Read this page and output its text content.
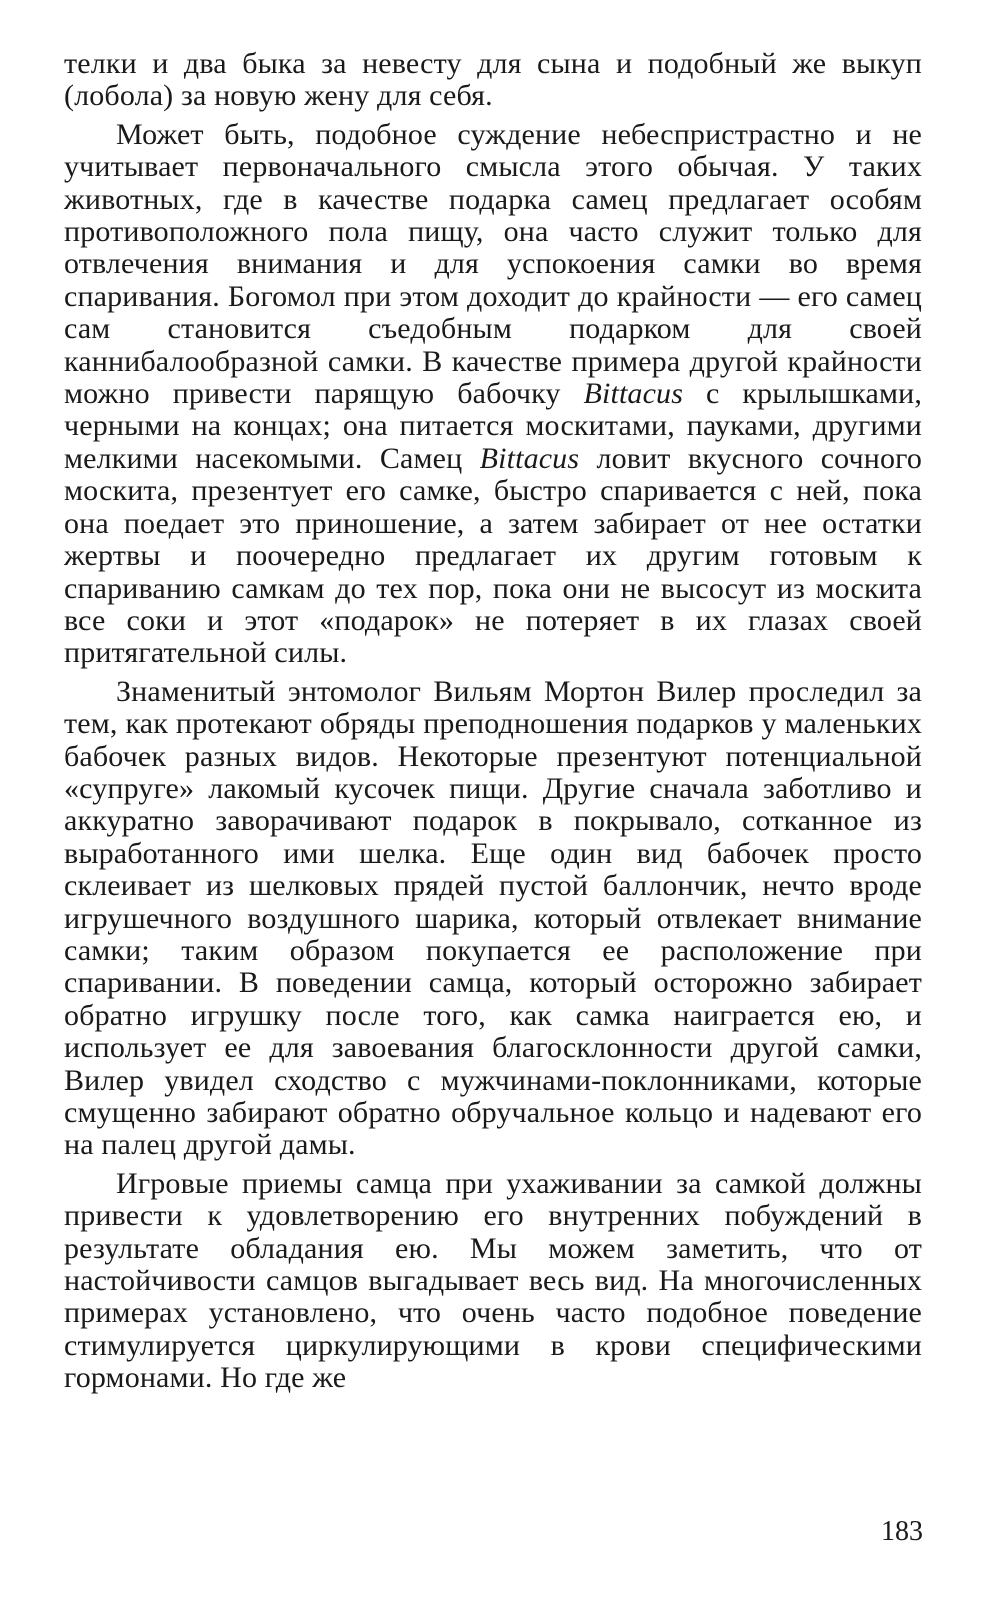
телки и два быка за невесту для сына и подобный же выкуп (лобола) за новую жену для себя.

Может быть, подобное суждение небеспристрастно и не учитывает первоначального смысла этого обычая. У таких животных, где в качестве подарка самец предлагает особям противоположного пола пищу, она часто служит только для отвлечения внимания и для успокоения самки во время спаривания. Богомол при этом доходит до крайности — его самец сам становится съедобным подарком для своей каннибалообразной самки. В качестве примера другой крайности можно привести парящую бабочку Bittacus с крылышками, черными на концах; она питается москитами, пауками, другими мелкими насекомыми. Самец Bittacus ловит вкусного сочного москита, презентует его самке, быстро спаривается с ней, пока она поедает это приношение, а затем забирает от нее остатки жертвы и поочередно предлагает их другим готовым к спариванию самкам до тех пор, пока они не высосут из москита все соки и этот «подарок» не потеряет в их глазах своей притягательной силы.

Знаменитый энтомолог Вильям Мортон Вилер проследил за тем, как протекают обряды преподношения подарков у маленьких бабочек разных видов. Некоторые презентуют потенциальной «супруге» лакомый кусочек пищи. Другие сначала заботливо и аккуратно заворачивают подарок в покрывало, сотканное из выработанного ими шелка. Еще один вид бабочек просто склеивает из шелковых прядей пустой баллончик, нечто вроде игрушечного воздушного шарика, который отвлекает внимание самки; таким образом покупается ее расположение при спаривании. В поведении самца, который осторожно забирает обратно игрушку после того, как самка наиграется ею, и использует ее для завоевания благосклонности другой самки, Вилер увидел сходство с мужчинами-поклонниками, которые смущенно забирают обратно обручальное кольцо и надевают его на палец другой дамы.

Игровые приемы самца при ухаживании за самкой должны привести к удовлетворению его внутренних побуждений в результате обладания ею. Мы можем заметить, что от настойчивости самцов выгадывает весь вид. На многочисленных примерах установлено, что очень часто подобное поведение стимулируется циркулирующими в крови специфическими гормонами. Но где же

183
